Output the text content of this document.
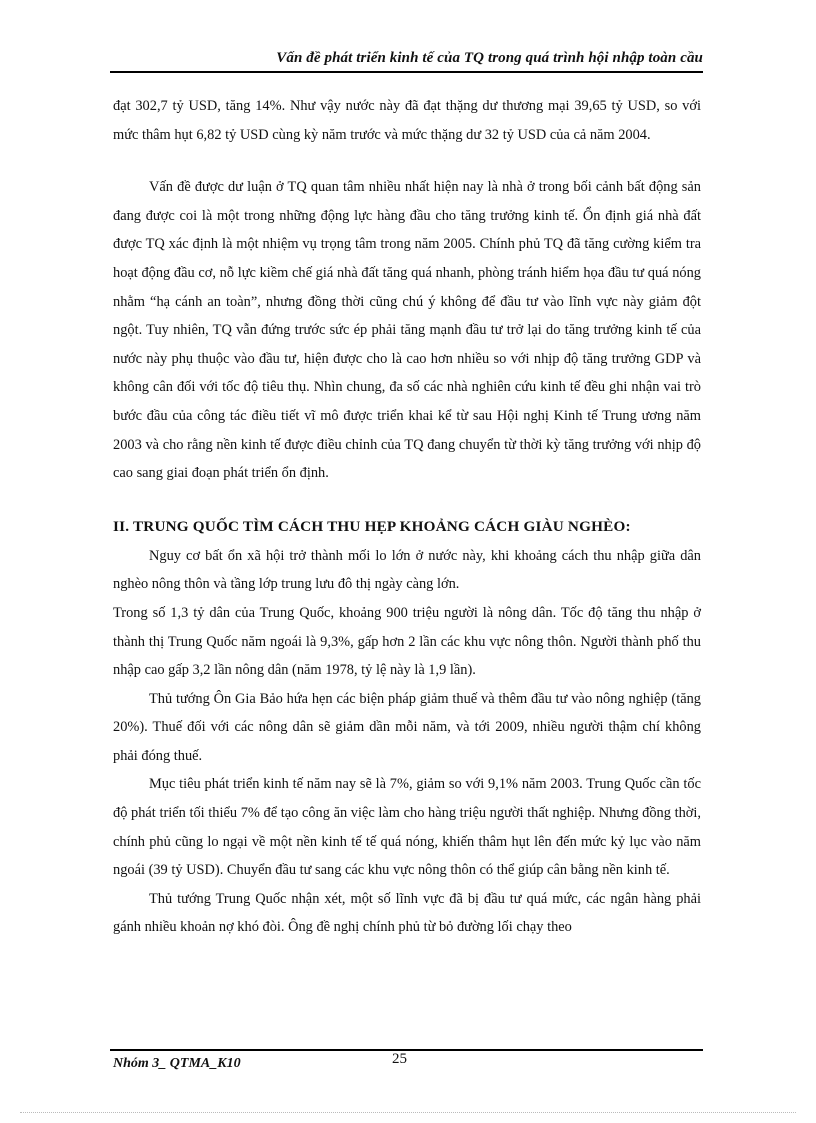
Vấn đề phát triển kinh tế của TQ trong quá trình hội nhập toàn cầu

đạt 302,7 tỷ USD, tăng 14%. Như vậy nước này đã đạt thặng dư thương mại 39,65 tỷ USD, so với mức thâm hụt 6,82 tỷ USD cùng kỳ năm trước và mức thặng dư 32 tỷ USD của cả năm 2004.

Vấn đề được dư luận ở TQ quan tâm nhiều nhất hiện nay là nhà ở trong bối cảnh bất động sản đang được coi là một trong những động lực hàng đầu cho tăng trưởng kinh tế. Ổn định giá nhà đất được TQ xác định là một nhiệm vụ trọng tâm trong năm 2005. Chính phủ TQ đã tăng cường kiểm tra hoạt động đầu cơ, nỗ lực kiềm chế giá nhà đất tăng quá nhanh, phòng tránh hiểm họa đầu tư quá nóng nhằm “hạ cánh an toàn”, nhưng đồng thời cũng chú ý không để đầu tư vào lĩnh vực này giảm đột ngột. Tuy nhiên, TQ vẫn đứng trước sức ép phải tăng mạnh đầu tư trở lại do tăng trưởng kinh tế của nước này phụ thuộc vào đầu tư, hiện được cho là cao hơn nhiều so với nhịp độ tăng trưởng GDP và không cân đối với tốc độ tiêu thụ. Nhìn chung, đa số các nhà nghiên cứu kinh tế đều ghi nhận vai trò bước đầu của công tác điều tiết vĩ mô được triển khai kể từ sau Hội nghị Kinh tế Trung ương năm 2003 và cho rằng nền kinh tế được điều chỉnh của TQ đang chuyển từ thời kỳ tăng trưởng với nhịp độ cao sang giai đoạn phát triển ổn định.

II. TRUNG QUỐC TÌM CÁCH THU HẸP KHOẢNG CÁCH GIÀU NGHÈO:

Nguy cơ bất ổn xã hội trở thành mối lo lớn ở nước này, khi khoảng cách thu nhập giữa dân nghèo nông thôn và tầng lớp trung lưu đô thị ngày càng lớn.

Trong số 1,3 tỷ dân của Trung Quốc, khoảng 900 triệu người là nông dân. Tốc độ tăng thu nhập ở thành thị Trung Quốc năm ngoái là 9,3%, gấp hơn 2 lần các khu vực nông thôn. Người thành phố thu nhập cao gấp 3,2 lần nông dân (năm 1978, tỷ lệ này là 1,9 lần).

Thủ tướng Ôn Gia Bảo hứa hẹn các biện pháp giảm thuế và thêm đầu tư vào nông nghiệp (tăng 20%). Thuế đối với các nông dân sẽ giảm dần mỗi năm, và tới 2009, nhiều người thậm chí không phải đóng thuế.

Mục tiêu phát triển kinh tế năm nay sẽ là 7%, giảm so với 9,1% năm 2003. Trung Quốc cần tốc độ phát triển tối thiểu 7% để tạo công ăn việc làm cho hàng triệu người thất nghiệp. Nhưng đồng thời, chính phủ cũng lo ngại về một nền kinh tế tế quá nóng, khiến thâm hụt lên đến mức kỷ lục vào năm ngoái (39 tỷ USD). Chuyển đầu tư sang các khu vực nông thôn có thể giúp cân bằng nền kinh tế.

Thủ tướng Trung Quốc nhận xét, một số lĩnh vực đã bị đầu tư quá mức, các ngân hàng phải gánh nhiều khoản nợ khó đòi. Ông đề nghị chính phủ từ bỏ đường lối chạy theo

Nhóm 3_ QTMA_K10	25
